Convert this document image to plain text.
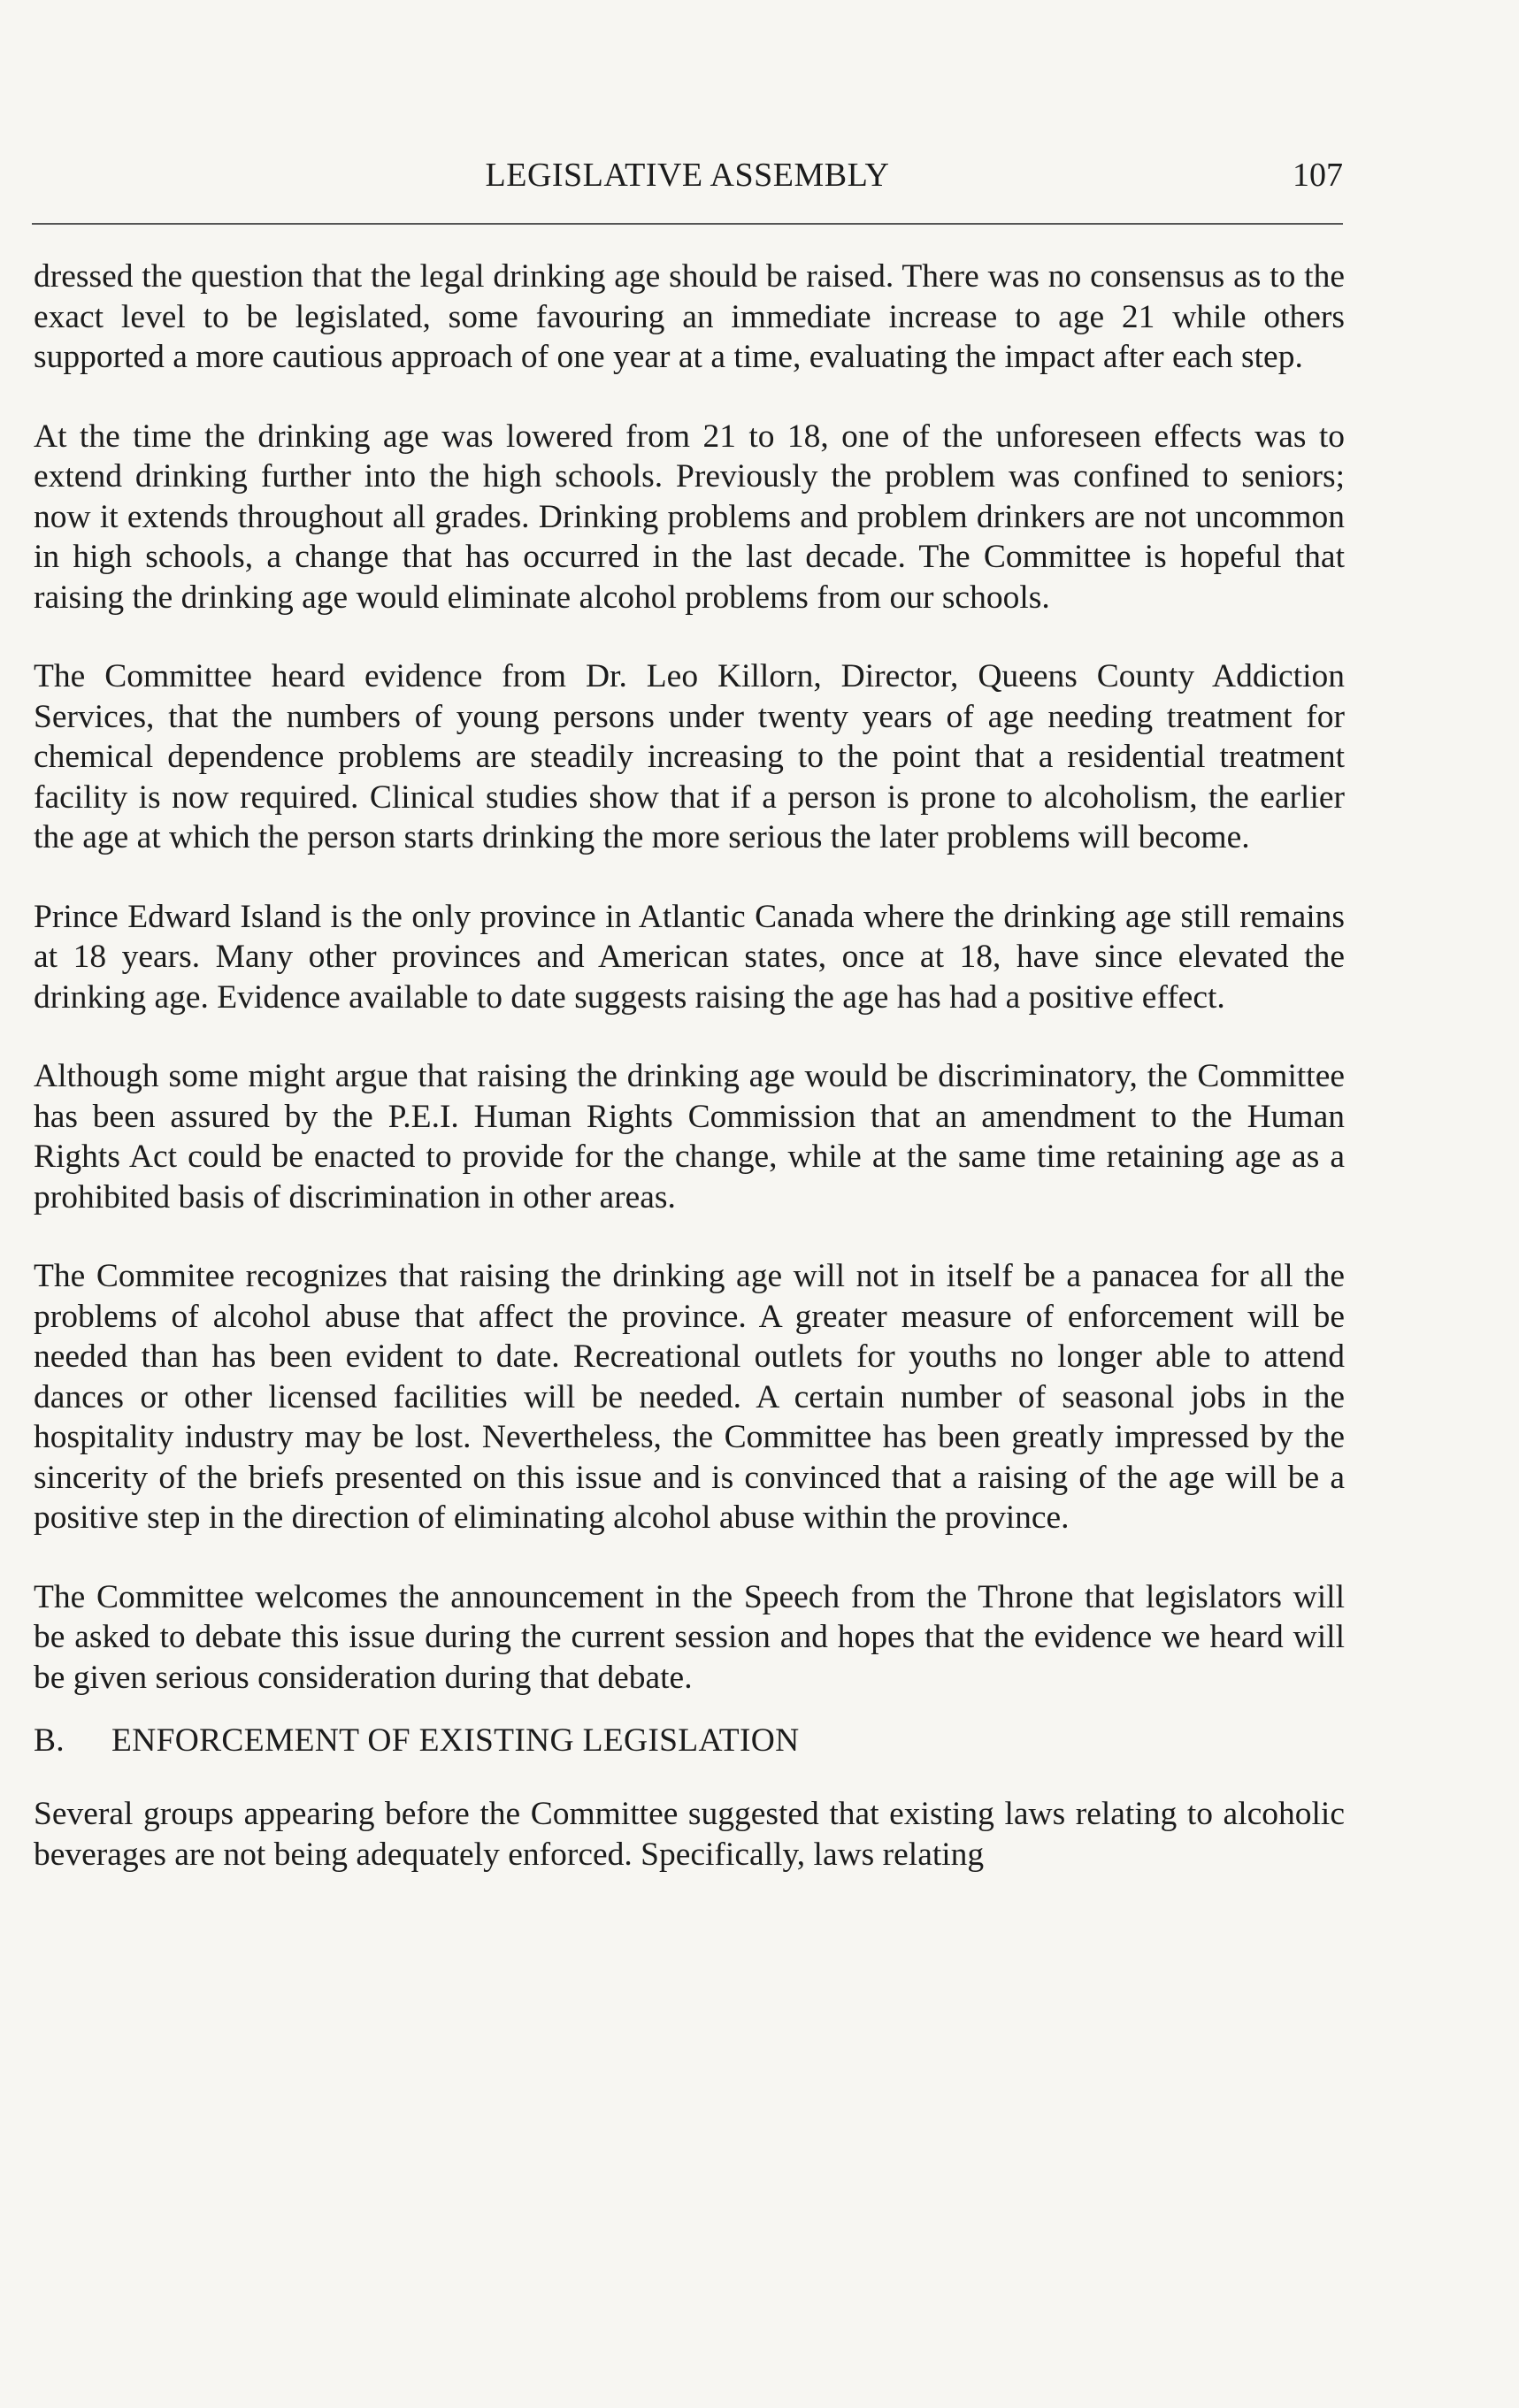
LEGISLATIVE ASSEMBLY	107

dressed the question that the legal drinking age should be raised. There was no consensus as to the exact level to be legislated, some favouring an immediate increase to age 21 while others supported a more cautious approach of one year at a time, evaluating the impact after each step.

At the time the drinking age was lowered from 21 to 18, one of the unforeseen effects was to extend drinking further into the high schools. Previously the problem was confined to seniors; now it extends throughout all grades. Drinking problems and problem drinkers are not uncommon in high schools, a change that has occurred in the last decade. The Committee is hopeful that raising the drinking age would eliminate alcohol problems from our schools.

The Committee heard evidence from Dr. Leo Killorn, Director, Queens County Addiction Services, that the numbers of young persons under twenty years of age needing treatment for chemical dependence problems are steadily increasing to the point that a residential treatment facility is now required. Clinical studies show that if a person is prone to alcoholism, the earlier the age at which the person starts drinking the more serious the later problems will become.

Prince Edward Island is the only province in Atlantic Canada where the drinking age still remains at 18 years. Many other provinces and American states, once at 18, have since elevated the drinking age. Evidence available to date suggests raising the age has had a positive effect.

Although some might argue that raising the drinking age would be discriminatory, the Committee has been assured by the P.E.I. Human Rights Commission that an amendment to the Human Rights Act could be enacted to provide for the change, while at the same time retaining age as a prohibited basis of discrimination in other areas.

The Commitee recognizes that raising the drinking age will not in itself be a panacea for all the problems of alcohol abuse that affect the province. A greater measure of enforcement will be needed than has been evident to date. Recreational outlets for youths no longer able to attend dances or other licensed facilities will be needed. A certain number of seasonal jobs in the hospitality industry may be lost. Nevertheless, the Committee has been greatly impressed by the sincerity of the briefs presented on this issue and is convinced that a raising of the age will be a positive step in the direction of eliminating alcohol abuse within the province.

The Committee welcomes the announcement in the Speech from the Throne that legislators will be asked to debate this issue during the current session and hopes that the evidence we heard will be given serious consideration during that debate.

B. ENFORCEMENT OF EXISTING LEGISLATION

Several groups appearing before the Committee suggested that existing laws relating to alcoholic beverages are not being adequately enforced. Specifically, laws relating
